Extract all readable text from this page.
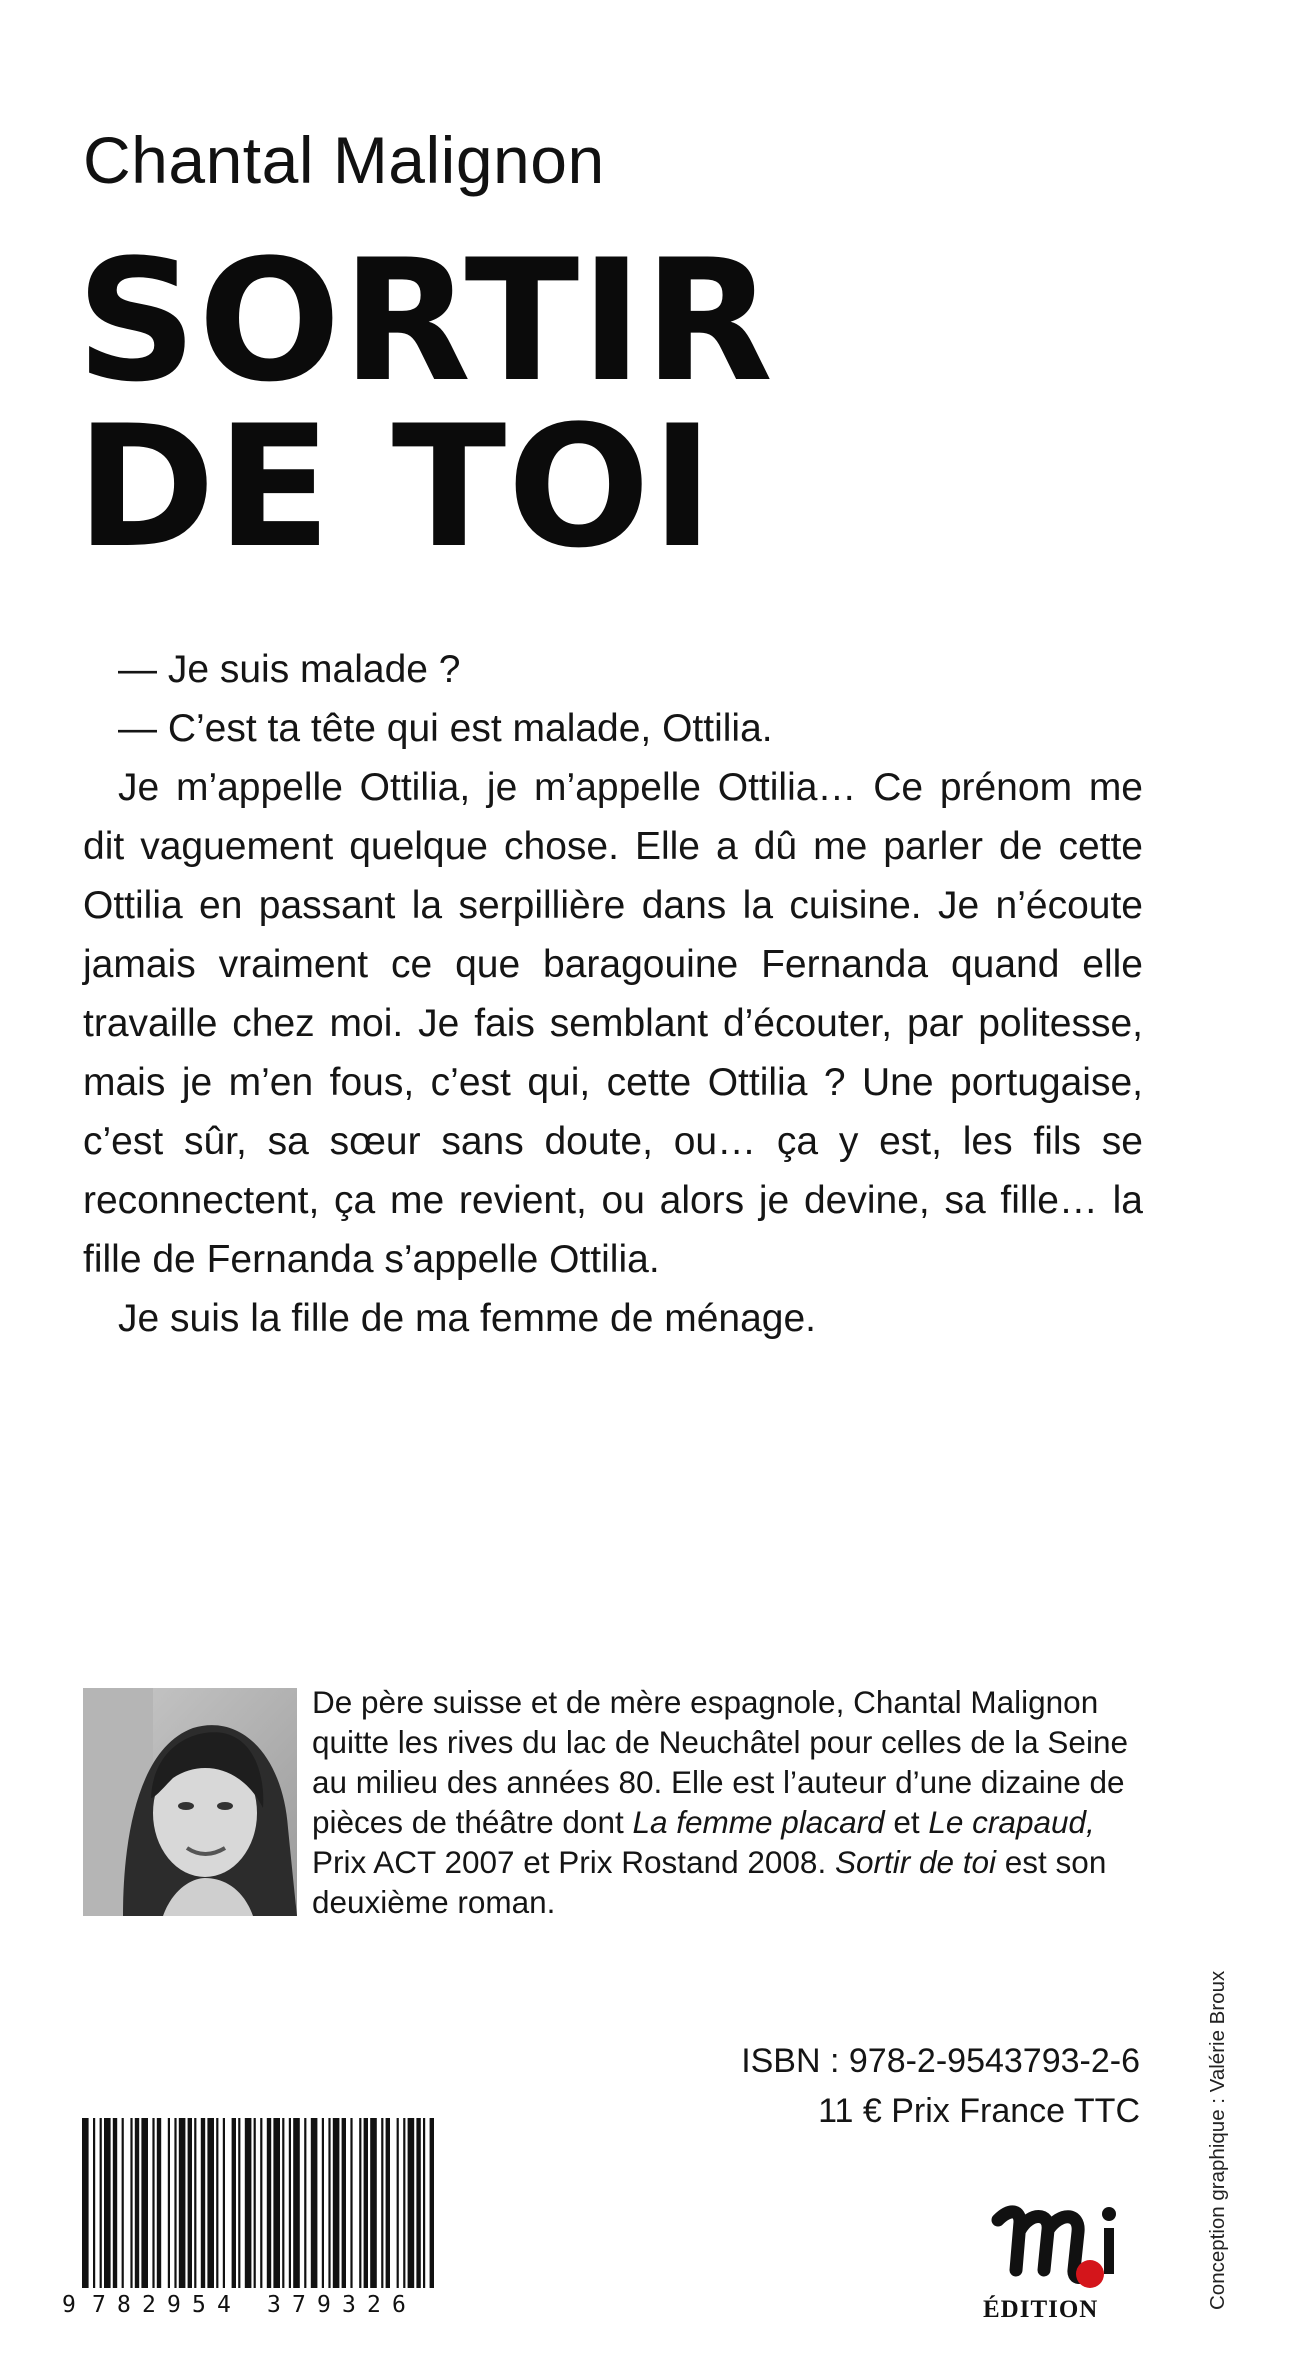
Chantal Malignon
SORTIR
DE TOI

— Je suis malade ?

— C’est ta tête qui est malade, Ottilia.

Je m’appelle Ottilia, je m’appelle Ottilia… Ce prénom me dit vaguement quelque chose. Elle a dû me parler de cette Ottilia en passant la serpillière dans la cuisine. Je n’écoute jamais vraiment ce que baragouine Fernanda quand elle travaille chez moi. Je fais semblant d’écouter, par politesse, mais je m’en fous, c’est qui, cette Ottilia ? Une portugaise, c’est sûr, sa sœur sans doute, ou… ça y est, les fils se reconnectent, ça me revient, ou alors je devine, sa fille… la fille de Fernanda s’appelle Ottilia.

Je suis la fille de ma femme de ménage.

De père suisse et de mère espagnole, Chantal Malignon quitte les rives du lac de Neuchâtel pour celles de la Seine au milieu des années 80. Elle est l’auteur d’une dizaine de pièces de théâtre dont La femme placard et Le crapaud, Prix ACT 2007 et Prix Rostand 2008. Sortir de toi est son deuxième roman.
ISBN : 978-2-9543793-2-6
11 € Prix France TTC	Conception graphique : Valérie Broux
9 7 8 2 9 5 4 3 7 9 3 2 6	ÉDITION
